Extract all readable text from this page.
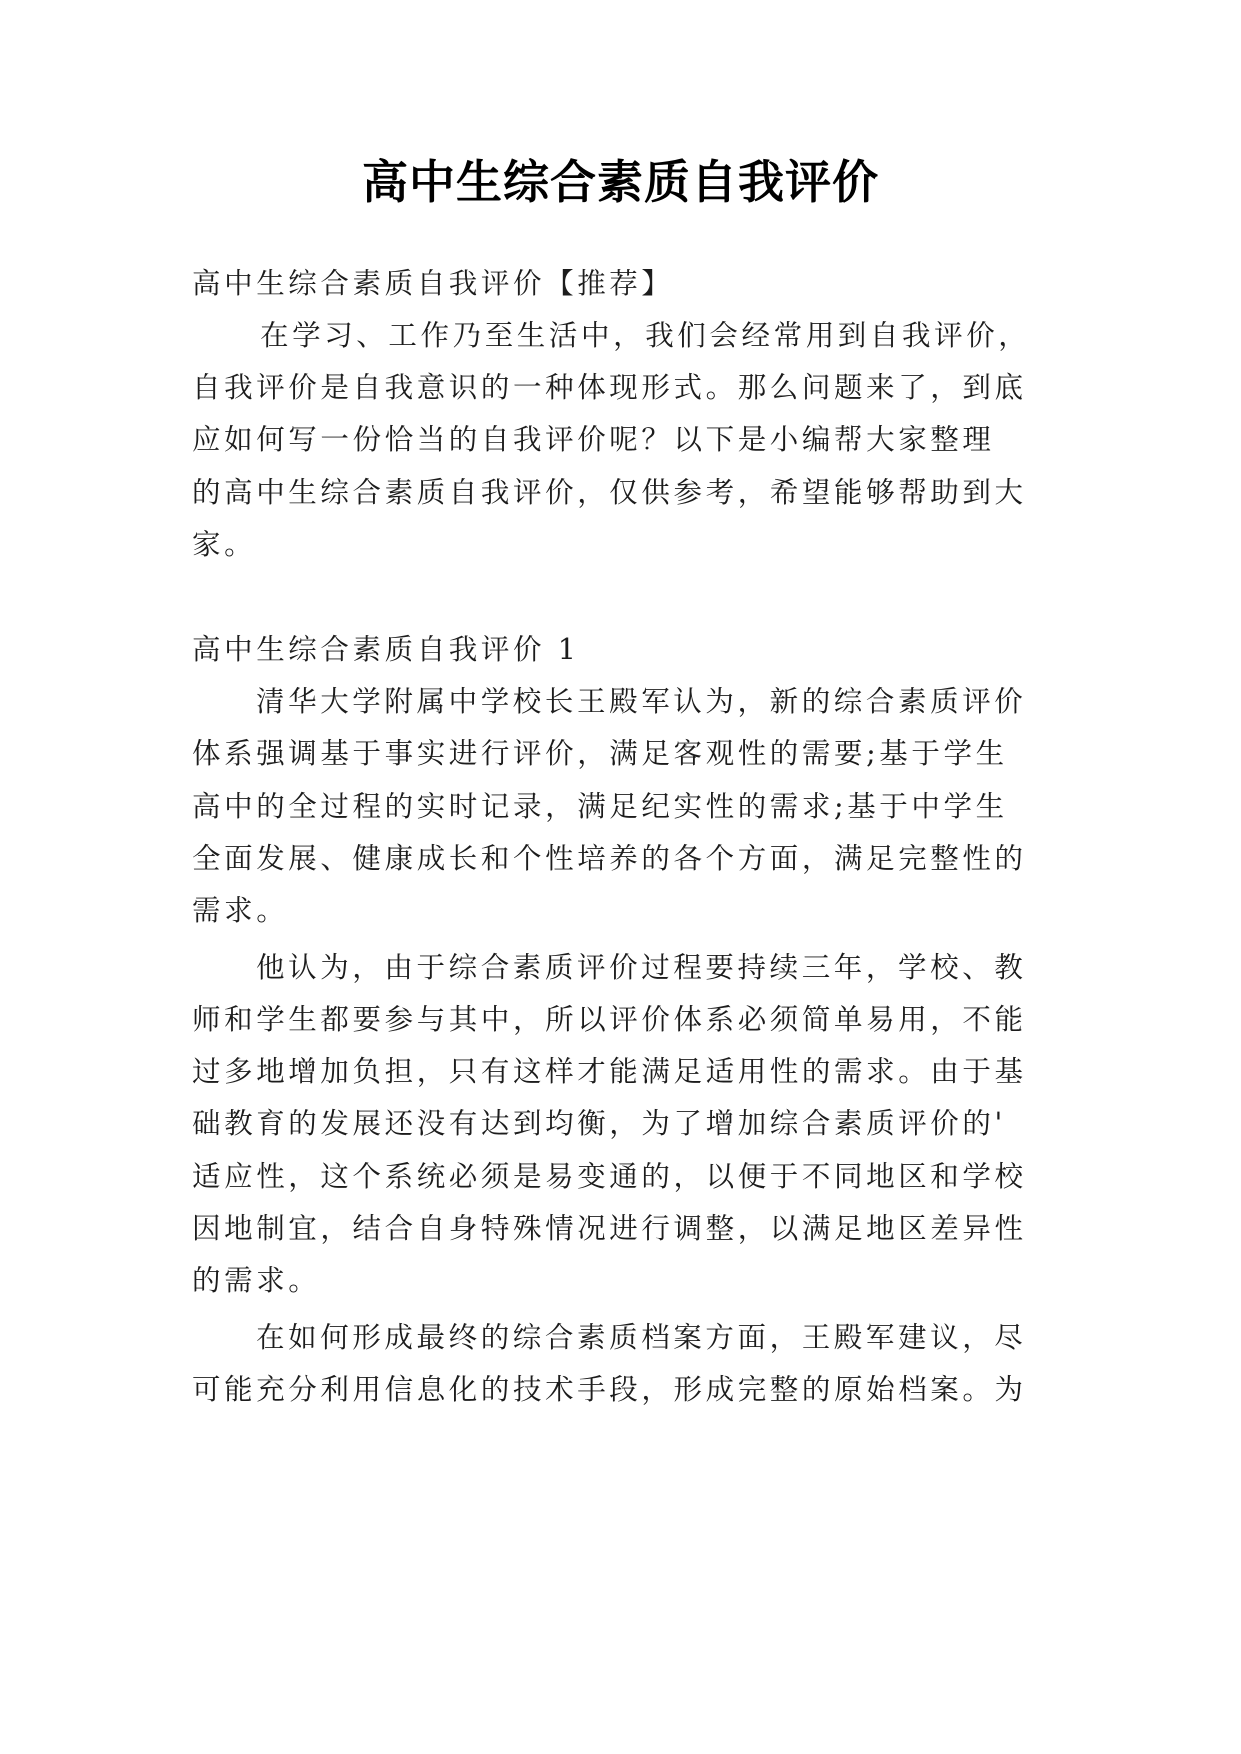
高中生综合素质自我评价
高中生综合素质自我评价【推荐】
在学习、工作乃至生活中，我们会经常用到自我评价，
自我评价是自我意识的一种体现形式。那么问题来了，到底
应如何写一份恰当的自我评价呢？以下是小编帮大家整理
的高中生综合素质自我评价，仅供参考，希望能够帮助到大
家。
高中生综合素质自我评价 1
清华大学附属中学校长王殿军认为，新的综合素质评价
体系强调基于事实进行评价，满足客观性的需要;基于学生
高中的全过程的实时记录，满足纪实性的需求;基于中学生
全面发展、健康成长和个性培养的各个方面，满足完整性的
需求。
他认为，由于综合素质评价过程要持续三年，学校、教
师和学生都要参与其中，所以评价体系必须简单易用，不能
过多地增加负担，只有这样才能满足适用性的需求。由于基
础教育的发展还没有达到均衡，为了增加综合素质评价的'
适应性，这个系统必须是易变通的，以便于不同地区和学校
因地制宜，结合自身特殊情况进行调整，以满足地区差异性
的需求。
在如何形成最终的综合素质档案方面，王殿军建议，尽
可能充分利用信息化的技术手段，形成完整的原始档案。为
